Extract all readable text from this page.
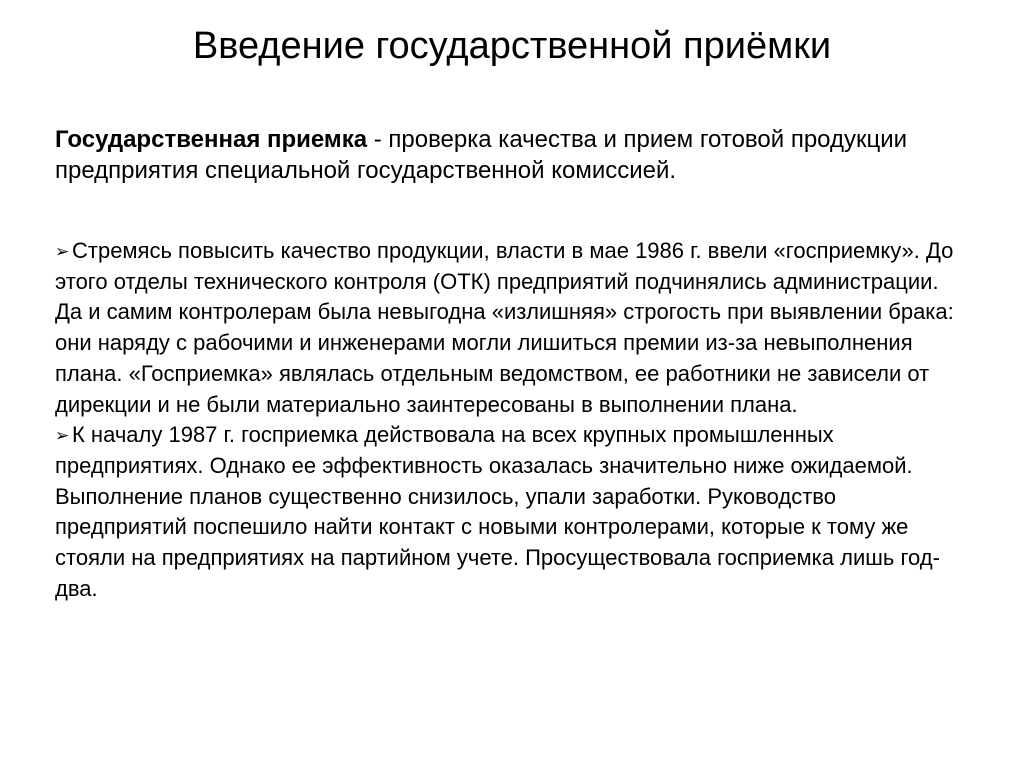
Введение государственной приёмки

Государственная приемка - проверка качества и прием готовой продукции предприятия специальной государственной комиссией.

➢ Стремясь повысить качество продукции, власти в мае 1986 г. ввели «госприемку». До этого отделы технического контроля (ОТК) предприятий подчинялись администрации. Да и самим контролерам была невыгодна «излишняя» строгость при выявлении брака: они наряду с рабочими и инженерами могли лишиться премии из-за невыполнения плана. «Госприемка» являлась отдельным ведомством, ее работники не зависели от дирекции и не были материально заинтересованы в выполнении плана.
➢ К началу 1987 г. госприемка действовала на всех крупных промышленных предприятиях. Однако ее эффективность оказалась значительно ниже ожидаемой. Выполнение планов существенно снизилось, упали заработки. Руководство предприятий поспешило найти контакт с новыми контролерами, которые к тому же стояли на предприятиях на партийном учете. Просуществовала госприемка лишь год-два.
